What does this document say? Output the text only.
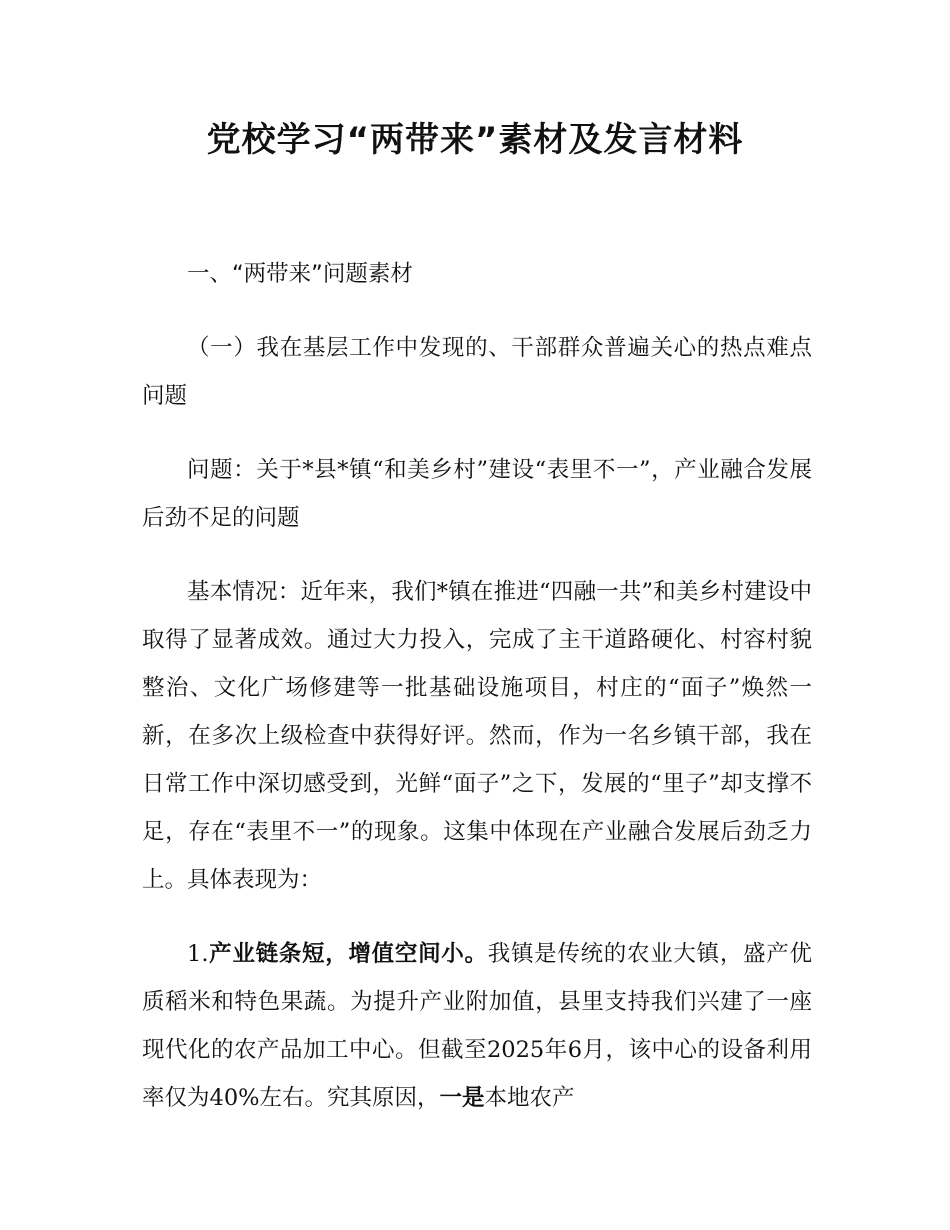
党校学习“两带来”素材及发言材料

一、“两带来”问题素材

（一）我在基层工作中发现的、干部群众普遍关心的热点难点问题

问题：关于*县*镇“和美乡村”建设“表里不一”，产业融合发展后劲不足的问题

基本情况：近年来，我们*镇在推进“四融一共”和美乡村建设中取得了显著成效。通过大力投入，完成了主干道路硬化、村容村貌整治、文化广场修建等一批基础设施项目，村庄的“面子”焕然一新，在多次上级检查中获得好评。然而，作为一名乡镇干部，我在日常工作中深切感受到，光鲜“面子”之下，发展的“里子”却支撑不足，存在“表里不一”的现象。这集中体现在产业融合发展后劲乏力上。具体表现为：

1.产业链条短，增值空间小。我镇是传统的农业大镇，盛产优质稻米和特色果蔬。为提升产业附加值，县里支持我们兴建了一座现代化的农产品加工中心。但截至2025年6月，该中心的设备利用率仅为40%左右。究其原因，一是本地农产
